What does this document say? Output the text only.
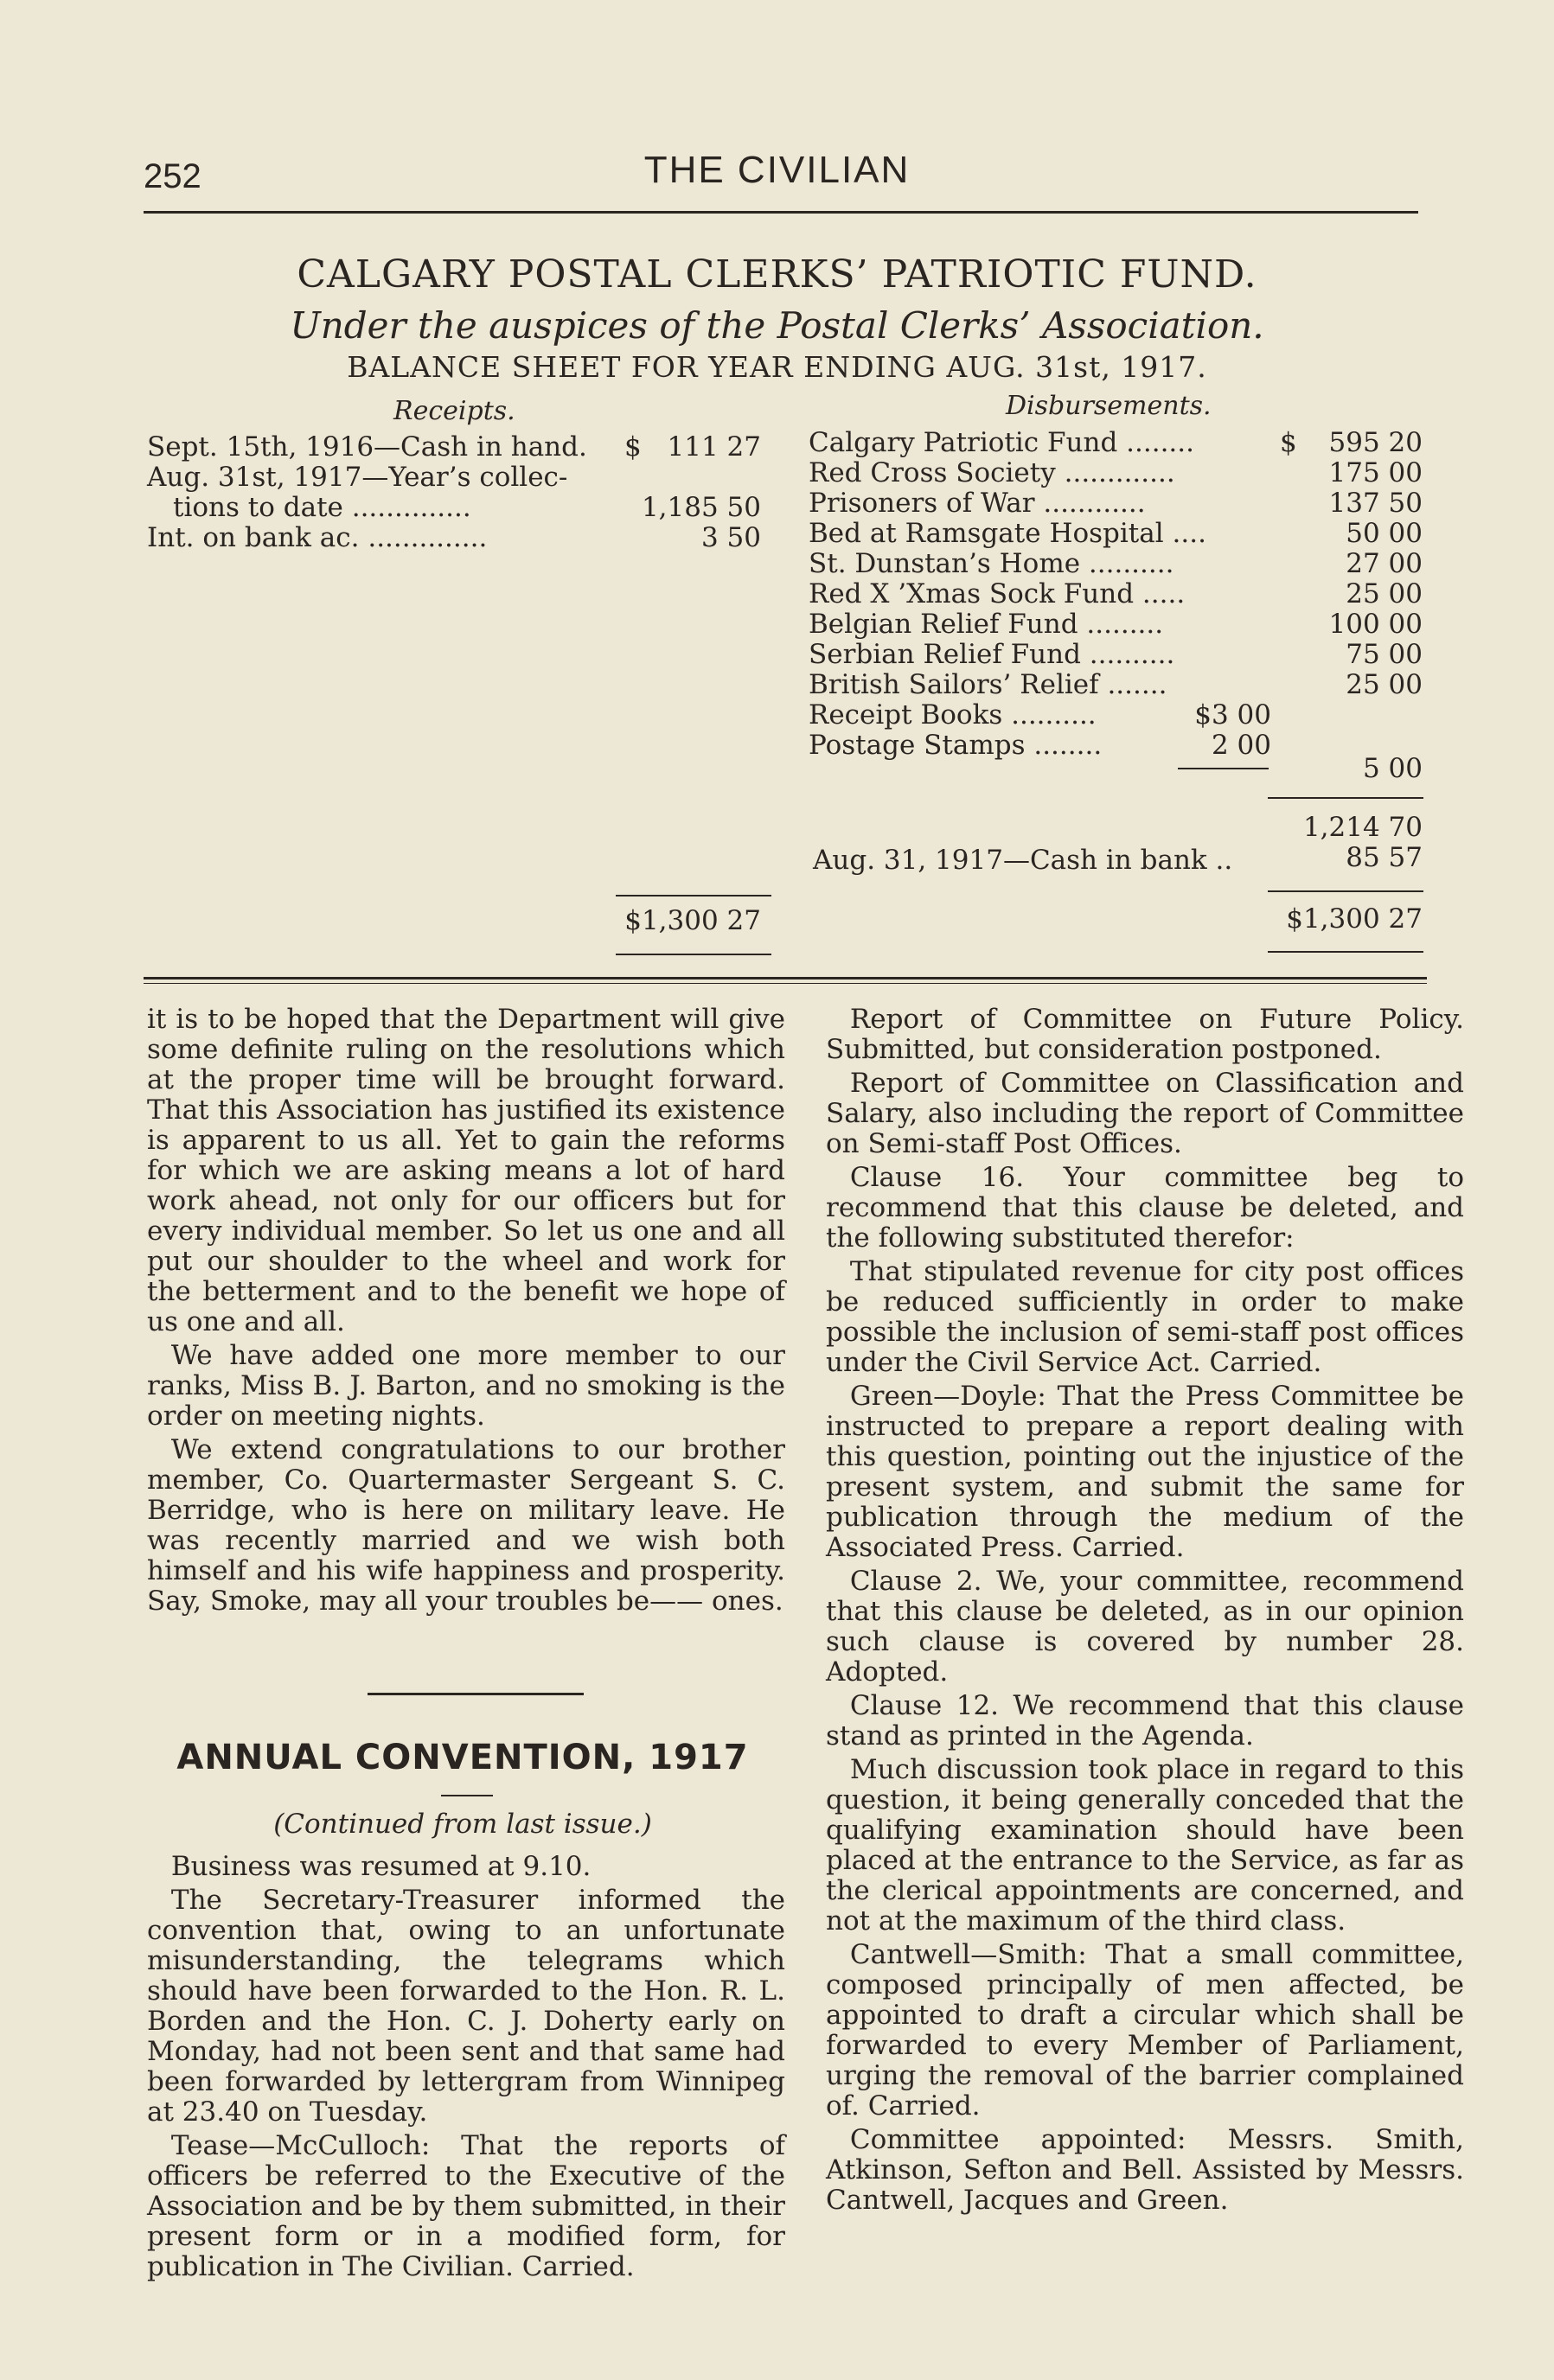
252	THE CIVILIAN
CALGARY POSTAL CLERKS’ PATRIOTIC FUND.
Under the auspices of the Postal Clerks’ Association.
BALANCE SHEET FOR YEAR ENDING AUG. 31st, 1917.
Receipts.	Disbursements.
Sept. 15th, 1916—Cash in hand. $ 111 27
Aug. 31st, 1917—Year’s collec-
tions to date ..............	1,185 50
Int. on bank ac. ..............	3 50
$1,300 27
Calgary Patriotic Fund ........	$	595 20
Red Cross Society .............	175 00
Prisoners of War ............	137 50
Bed at Ramsgate Hospital ....	50 00
St. Dunstan’s Home ..........	27 00
Red X ’Xmas Sock Fund .....	25 00
Belgian Relief Fund .........	100 00
Serbian Relief Fund ..........	75 00
British Sailors’ Relief .......	25 00
Receipt Books ..........	$3 00
Postage Stamps ........	2 00
5 00
1,214 70
Aug. 31, 1917—Cash in bank ..	85 57
$1,300 27

it is to be hoped that the Department will give some definite ruling on the resolutions which at the proper time will be brought forward. That this Association has justified its existence is apparent to us all. Yet to gain the reforms for which we are asking means a lot of hard work ahead, not only for our officers but for every individual member. So let us one and all put our shoulder to the wheel and work for the betterment and to the benefit we hope of us one and all.

We have added one more member to our ranks, Miss B. J. Barton, and no smoking is the order on meeting nights.

We extend congratulations to our brother member, Co. Quartermaster Sergeant S. C. Berridge, who is here on military leave. He was recently married and we wish both himself and his wife happiness and prosperity. Say, Smoke, may all your troubles be—— ones.

ANNUAL CONVENTION, 1917
(Continued from last issue.)

Business was resumed at 9.10.

The Secretary-Treasurer informed the convention that, owing to an unfortunate misunderstanding, the telegrams which should have been forwarded to the Hon. R. L. Borden and the Hon. C. J. Doherty early on Monday, had not been sent and that same had been forwarded by lettergram from Winnipeg at 23.40 on Tuesday.

Tease—McCulloch: That the reports of officers be referred to the Executive of the Association and be by them submitted, in their present form or in a modified form, for publication in The Civilian. Carried.

Report of Committee on Future Policy. Submitted, but consideration postponed.

Report of Committee on Classification and Salary, also including the report of Committee on Semi-staff Post Offices.

Clause 16. Your committee beg to recommend that this clause be deleted, and the following substituted therefor:

That stipulated revenue for city post offices be reduced sufficiently in order to make possible the inclusion of semi-staff post offices under the Civil Service Act. Carried.

Green—Doyle: That the Press Committee be instructed to prepare a report dealing with this question, pointing out the injustice of the present system, and submit the same for publication through the medium of the Associated Press. Carried.

Clause 2. We, your committee, recommend that this clause be deleted, as in our opinion such clause is covered by number 28. Adopted.

Clause 12. We recommend that this clause stand as printed in the Agenda.

Much discussion took place in regard to this question, it being generally conceded that the qualifying examination should have been placed at the entrance to the Service, as far as the clerical appointments are concerned, and not at the maximum of the third class.

Cantwell—Smith: That a small committee, composed principally of men affected, be appointed to draft a circular which shall be forwarded to every Member of Parliament, urging the removal of the barrier complained of. Carried.

Committee appointed: Messrs. Smith, Atkinson, Sefton and Bell. Assisted by Messrs. Cantwell, Jacques and Green.
